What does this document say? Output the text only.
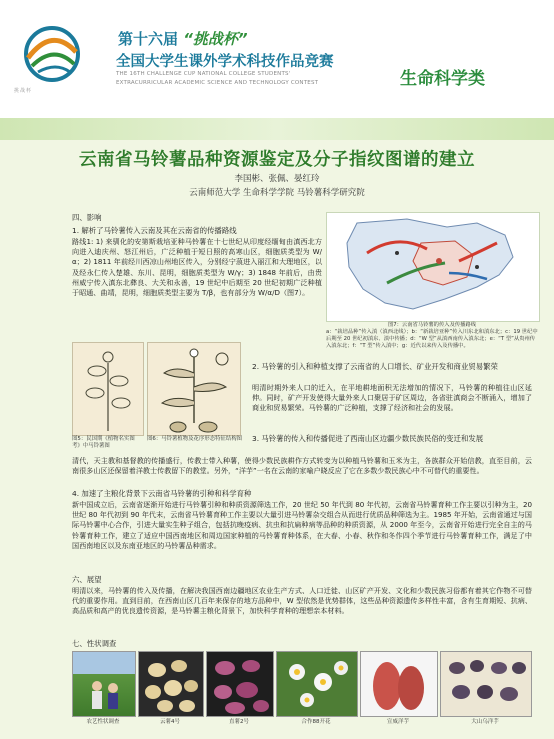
挑战杯
第十六届 “挑战杯”
全国大学生课外学术科技作品竞赛
THE 16TH CHALLENGE CUP NATIONAL COLLEGE STUDENTS'
EXTRACURRICULAR ACADEMIC SCIENCE AND TECHNOLOGY CONTEST	生命科学类
云南省马铃薯品种资源鉴定及分子指纹图谱的建立
李国彬、张佩、晏红玲
云南师范大学 生命科学学院 马铃薯科学研究院
四、影响
1. 解析了马铃薯传入云南及其在云南省的传播路线
路线1: 1) 来驯化的安第斯栽培亚种马铃薯在十七世纪从印度经缅甸由滇西北方向进入迪庆州、怒江州后，广泛种植于短日照的高寒山区，细胞质类型为 W/α；2) 1811 年前经川西凉山州地区传入，分别经宁蒗进入丽江和大理地区，以及经永仁传入楚雄、东川、昆明，细胞质类型为 W/γ；3) 1848 年前后，由贵州威宁传入滇东北彝良、大关和永善，19 世纪中后期至 20 世纪初期广泛种植于昭通、曲靖，昆明，细胞质类型主要为 T/β，也有部分为 W/α/D（图7）。
图7：云南省马铃薯的传入及传播路线
a：“栽培品种”传入滇（滇西北线）；b：“新栽培亚种”传入川东北和滇东北；c：19 世纪中后期至 20 世纪初滇东、滇中传播；d：“W 型”从滇西南传入滇东北；e：“T 型”从贵州传入滇东北；f：“T 型”传入滇中；g：近代以来传入及传播中。
图5：民国期《植物名实图考》中马铃薯图
图6：马铃薯植物及花序形态特征结构图
2. 马铃薯的引入和种植支撑了云南省的人口增长、矿业开发和商业贸易繁荣
明清时期外来人口的迁入，在平地耕地面积无法增加的情况下，马铃薯的种植往山区延伸。同时，矿产开发使得大量外来人口聚居于矿区周边，各省驻滇商会不断涌入，增加了商业和贸易繁荣。马铃薯的广泛种植，支撑了经济和社会的发展。
3. 马铃薯的传入和传播促进了西南山区边疆少数民族民俗的变迁和发展
清代，天主教和基督教的传播盛行，传教士带入种薯，使得少数民族耕作方式转变为以种植马铃薯和玉米为主，各族群众开始信教，直至目前，云南很多山区还保留着洋教士传教留下的教堂。另外，“洋芋”一名在云南的家喻户晓反应了它在多数少数民族心中不可替代的重要性。
4. 加速了主粮化背景下云南省马铃薯的引种和科学育种
新中国成立后，云南省逐渐开始进行马铃薯引种和种质资源筛选工作，20 世纪 50 年代到 80 年代初，云南省马铃薯育种工作主要以引种为主，20 世纪 80 年代初到 90 年代末，云南省马铃薯育种工作主要以大量引进马铃薯杂交组合从而进行优质品种筛选为主。1985 年开始，云南省通过与国际马铃薯中心合作，引进大量实生种子组合，包括抗晚疫病、抗虫和抗扁种病等品种的种质资源，从 2000 年至今，云南省开始进行完全自主的马铃薯育种工作，建立了适应中国西南地区和周边国家种植的马铃薯育种体系，在大春、小春、秋作和冬作四个季节进行马铃薯育种工作，满足了中国西南地区以及东南亚地区的马铃薯品种需求。
六、展望
明清以来，马铃薯的传入及传播，在解决我国西南边疆地区农业生产方式、人口迁徙、山区矿产开发、文化和少数民族习俗都有着其它作物不可替代的重要作用。直到目前，在西南山区几百年来保存的地方品种中，W 型依然是优势群体，这些品种资源遗传多样性丰富，含有生育期短、抗病、高品质和高产的优良遗传资源，是马铃薯主粮化背景下，加快科学育种的理想亲本材料。
七、性状调查
农艺性状调查	云薯4号	直薯2号	合作88开花	宣威洋芋	大山乌洋芋
